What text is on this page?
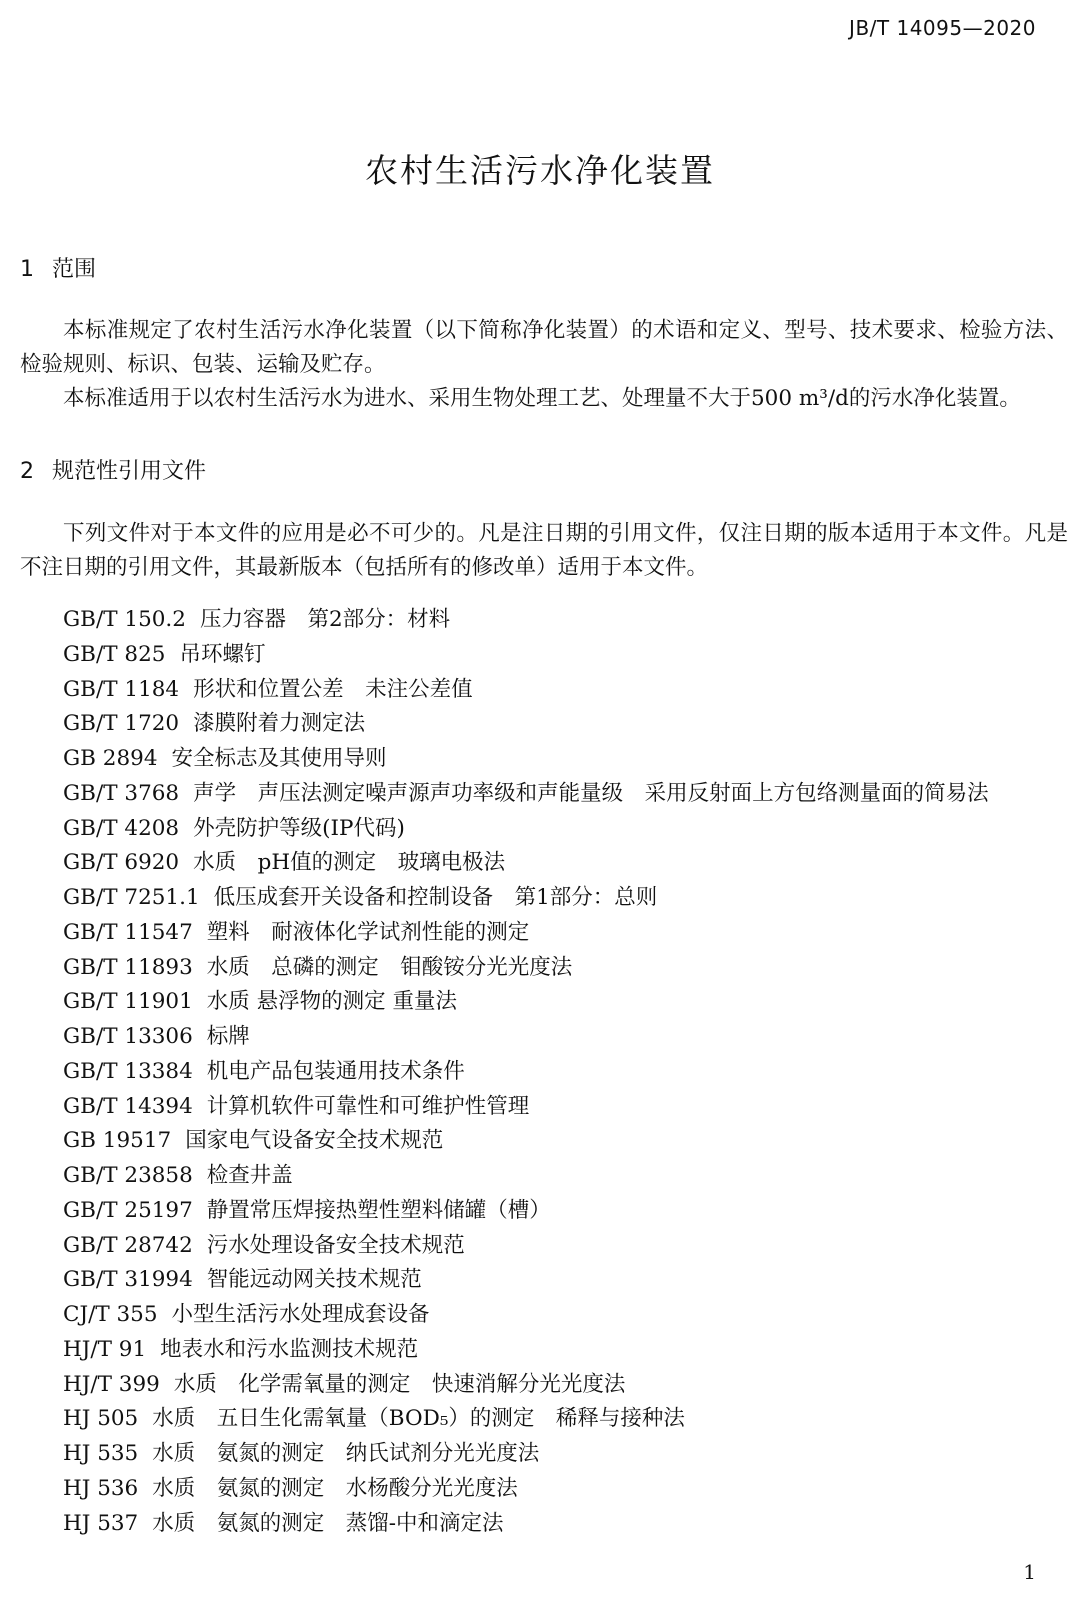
JB/T 14095—2020
农村生活污水净化装置
1 范围
本标准规定了农村生活污水净化装置（以下简称净化装置）的术语和定义、型号、技术要求、检验方法、检验规则、标识、包装、运输及贮存。
本标准适用于以农村生活污水为进水、采用生物处理工艺、处理量不大于500 m³/d的污水净化装置。
2 规范性引用文件
下列文件对于本文件的应用是必不可少的。凡是注日期的引用文件，仅注日期的版本适用于本文件。凡是不注日期的引用文件，其最新版本（包括所有的修改单）适用于本文件。
GB/T 150.2 压力容器　第2部分：材料
GB/T 825 吊环螺钉
GB/T 1184 形状和位置公差　未注公差值
GB/T 1720 漆膜附着力测定法
GB 2894 安全标志及其使用导则
GB/T 3768 声学　声压法测定噪声源声功率级和声能量级　采用反射面上方包络测量面的简易法
GB/T 4208 外壳防护等级(IP代码)
GB/T 6920 水质　pH值的测定　玻璃电极法
GB/T 7251.1 低压成套开关设备和控制设备　第1部分：总则
GB/T 11547 塑料　耐液体化学试剂性能的测定
GB/T 11893 水质　总磷的测定　钼酸铵分光光度法
GB/T 11901 水质 悬浮物的测定 重量法
GB/T 13306 标牌
GB/T 13384 机电产品包装通用技术条件
GB/T 14394 计算机软件可靠性和可维护性管理
GB 19517 国家电气设备安全技术规范
GB/T 23858 检查井盖
GB/T 25197 静置常压焊接热塑性塑料储罐（槽）
GB/T 28742 污水处理设备安全技术规范
GB/T 31994 智能远动网关技术规范
CJ/T 355 小型生活污水处理成套设备
HJ/T 91 地表水和污水监测技术规范
HJ/T 399 水质　化学需氧量的测定　快速消解分光光度法
HJ 505 水质　五日生化需氧量（BOD₅）的测定　稀释与接种法
HJ 535 水质　氨氮的测定　纳氏试剂分光光度法
HJ 536 水质　氨氮的测定　水杨酸分光光度法
HJ 537 水质　氨氮的测定　蒸馏-中和滴定法
1
